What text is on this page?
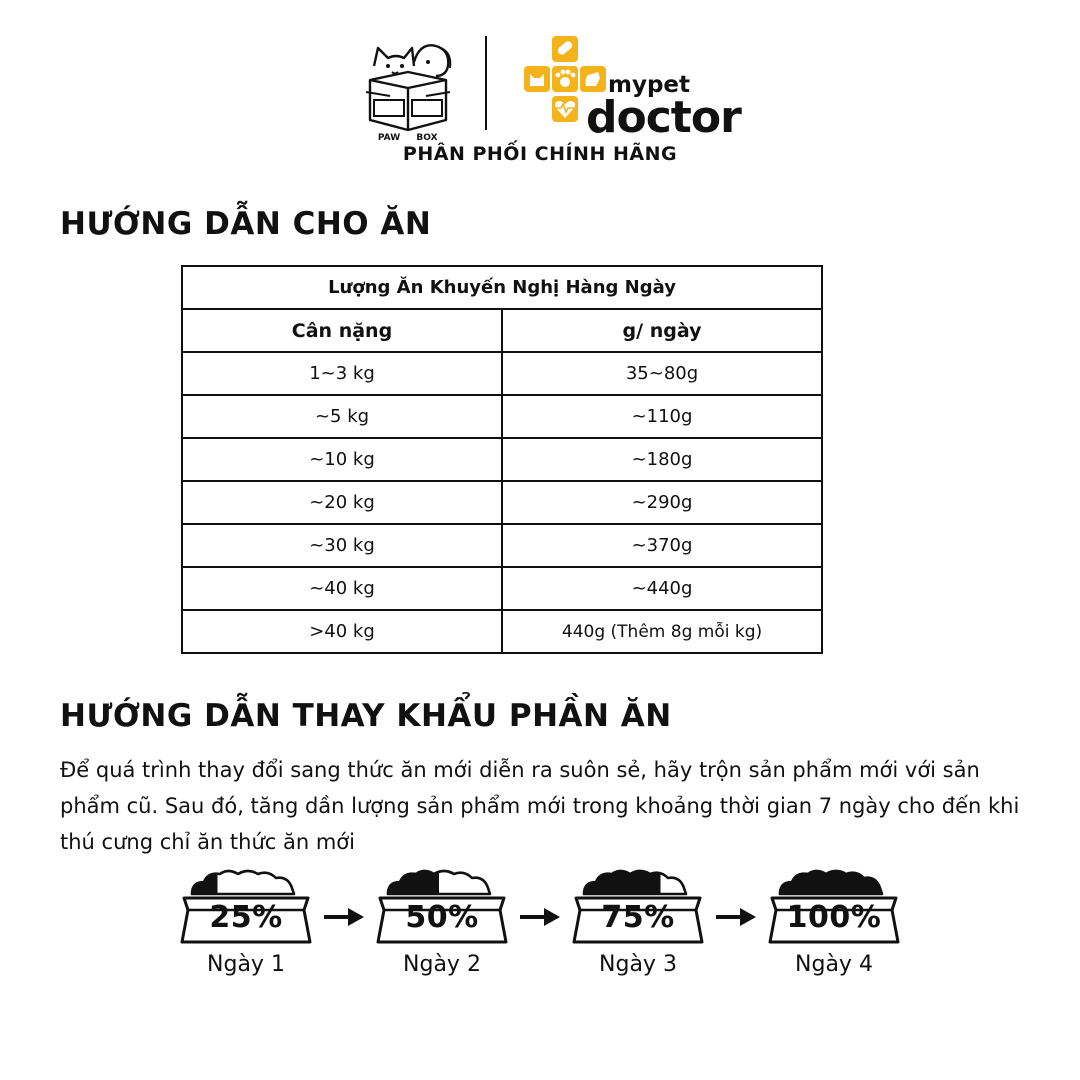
PAW	BOX
mypet
doctor
PHÂN PHỐI CHÍNH HÃNG
HƯỚNG DẪN CHO ĂN
Lượng Ăn Khuyến Nghị Hàng Ngày	
Cân nặng	g/ ngày
1~3 kg	35~80g
~5 kg	~110g
~10 kg	~180g
~20 kg	~290g
~30 kg	~370g
~40 kg	~440g
>40 kg	440g (Thêm 8g mỗi kg)
HƯỚNG DẪN THAY KHẨU PHẦN ĂN

Để quá trình thay đổi sang thức ăn mới diễn ra suôn sẻ, hãy trộn sản phẩm mới với sản phẩm cũ. Sau đó, tăng dần lượng sản phẩm mới trong khoảng thời gian 7 ngày cho đến khi thú cưng chỉ ăn thức ăn mới

25%
Ngày 1
50%
Ngày 2
75%
Ngày 3
100%
Ngày 4
